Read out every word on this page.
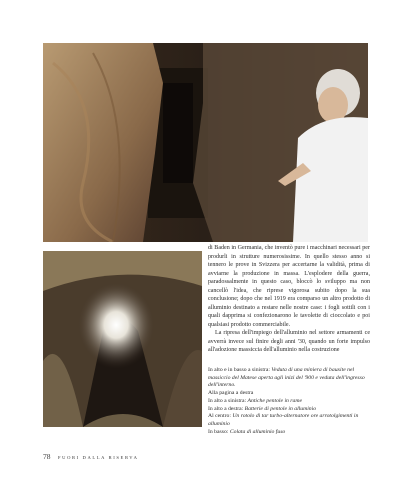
di Baden in Germania, che inventò pure i macchinari necessari per produrli in strutture numerosissime. In quello stesso anno si tennero le prove in Svizzera per accertarne la validità, prima di avviarne la produzione in massa. L'esplodere della guerra, paradossalmente in questo caso, bloccò lo sviluppo ma non cancellò l'idea, che riprese vigorosa subito dopo la sua conclusione; dopo che nel 1919 era comparso un altro prodotto di alluminio destinato a restare nelle nostre case: i fogli sottili con i quali dapprima si confezionarono le tavolette di cioccolato e poi qualsiasi prodotto commerciabile.

La ripresa dell'impiego dell'alluminio nel settore armamenti ce avverrà invece sul finire degli anni '30, quando un forte impulso all'adozione massiccia dell'alluminio nella costruzione

In alto e in basso a sinistra: Veduta di una miniera di bauxite nel massiccio del Matese aperta agli inizi del '900 e veduta dell'ingresso dell'interno.
Alla pagina a destra
In alto a sinistra: Antiche pentole in rame
In alto a destra: Batterie di pentole in alluminio
Al centro: Un rotolo di tar turbo-alternatore ore arrotolgimenti in alluminio
In basso: Colata di alluminio fuso
78 FUORI DALLA RISERVA
